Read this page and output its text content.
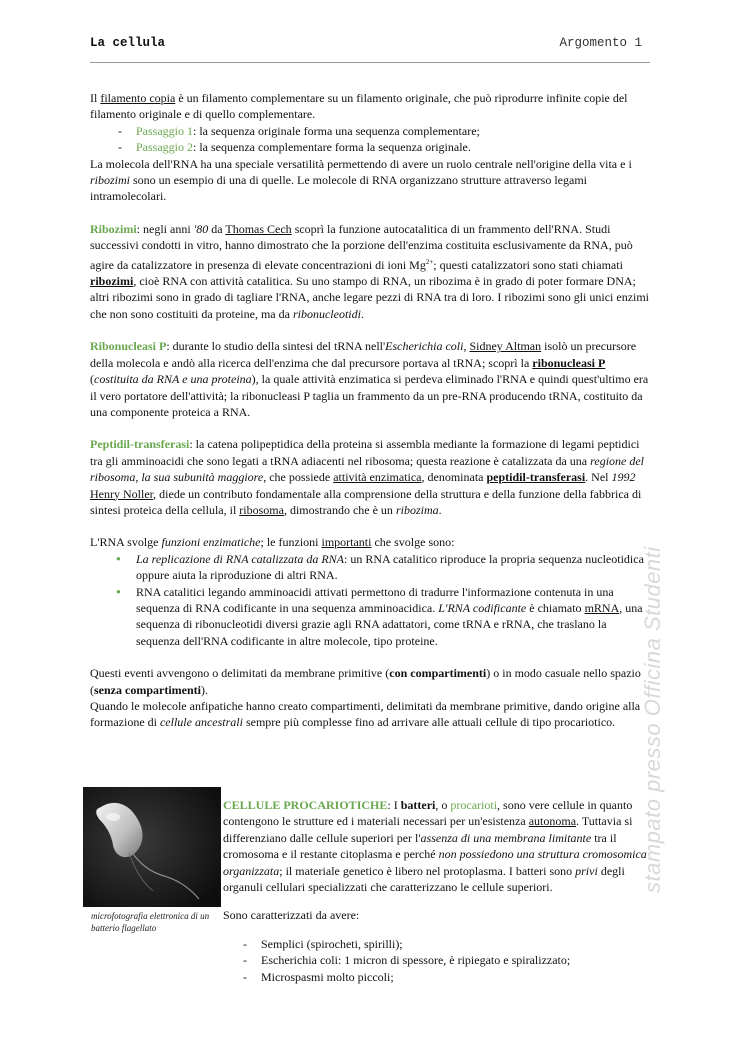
La cellula	Argomento 1

Il filamento copia è un filamento complementare su un filamento originale, che può riprodurre infinite copie del filamento originale e di quello complementare.

- Passaggio 1: la sequenza originale forma una sequenza complementare;
- Passaggio 2: la sequenza complementare forma la sequenza originale.

La molecola dell'RNA ha una speciale versatilità permettendo di avere un ruolo centrale nell'origine della vita e i ribozimi sono un esempio di una di quelle. Le molecole di RNA organizzano strutture attraverso legami intramolecolari.

Ribozimi: negli anni '80 da Thomas Cech scoprì la funzione autocatalitica di un frammento dell'RNA. Studi successivi condotti in vitro, hanno dimostrato che la porzione dell'enzima costituita esclusivamente da RNA, può agire da catalizzatore in presenza di elevate concentrazioni di ioni $Mg^{2+}$; questi catalizzatori sono stati chiamati ribozimi, cioè RNA con attività catalitica. Su uno stampo di RNA, un ribozima è in grado di poter formare DNA; altri ribozimi sono in grado di tagliare l'RNA, anche legare pezzi di RNA tra di loro. I ribozimi sono gli unici enzimi che non sono costituiti da proteine, ma da ribonucleotidi.

Ribonucleasi P: durante lo studio della sintesi del tRNA nell'Escherichia coli, Sidney Altman isolò un precursore della molecola e andò alla ricerca dell'enzima che dal precursore portava al tRNA; scoprì la ribonucleasi P (costituita da RNA e una proteina), la quale attività enzimatica si perdeva eliminado l'RNA e quindi quest'ultimo era il vero portatore dell'attività; la ribonucleasi P taglia un frammento da un pre-RNA producendo tRNA, costituito da una componente proteica a RNA.

Peptidil-transferasi: la catena polipeptidica della proteina si assembla mediante la formazione di legami peptidici tra gli amminoacidi che sono legati a tRNA adiacenti nel ribosoma; questa reazione è catalizzata da una regione del ribosoma, la sua subunità maggiore, che possiede attività enzimatica, denominata peptidil-transferasi. Nel 1992 Henry Noller, diede un contributo fondamentale alla comprensione della struttura e della funzione della fabbrica di sintesi proteica della cellula, il ribosoma, dimostrando che è un ribozima.

L'RNA svolge funzioni enzimatiche; le funzioni importanti che svolge sono:

● La replicazione di RNA catalizzata da RNA: un RNA catalitico riproduce la propria sequenza nucleotidica oppure aiuta la riproduzione di altri RNA.
● RNA catalitici legando amminoacidi attivati permettono di tradurre l'informazione contenuta in una sequenza di RNA codificante in una sequenza amminoacidica. L'RNA codificante è chiamato mRNA, una sequenza di ribonucleotidi diversi grazie agli RNA adattatori, come tRNA e rRNA, che traslano la sequenza dell'RNA codificante in altre molecole, tipo proteine.

Questi eventi avvengono o delimitati da membrane primitive (con compartimenti) o in modo casuale nello spazio (senza compartimenti).

Quando le molecole anfipatiche hanno creato compartimenti, delimitati da membrane primitive, dando origine alla formazione di cellule ancestrali sempre più complesse fino ad arrivare alle attuali cellule di tipo procariotico.

microfotografia elettronica di un batterio flagellato

CELLULE PROCARIOTICHE: I batteri, o procarioti, sono vere cellule in quanto contengono le strutture ed i materiali necessari per un'esistenza autonoma. Tuttavia si differenziano dalle cellule superiori per l'assenza di una membrana limitante tra il cromosoma e il restante citoplasma e perché non possiedono una struttura cromosomica organizzata; il materiale genetico è libero nel protoplasma. I batteri sono privi degli organuli cellulari specializzati che caratterizzano le cellule superiori.

Sono caratterizzati da avere:

- Semplici (spirocheti, spirilli);
- Escherichia coli: 1 micron di spessore, è ripiegato e spiralizzato;
- Microspasmi molto piccoli;
stampato presso Officina Studenti
